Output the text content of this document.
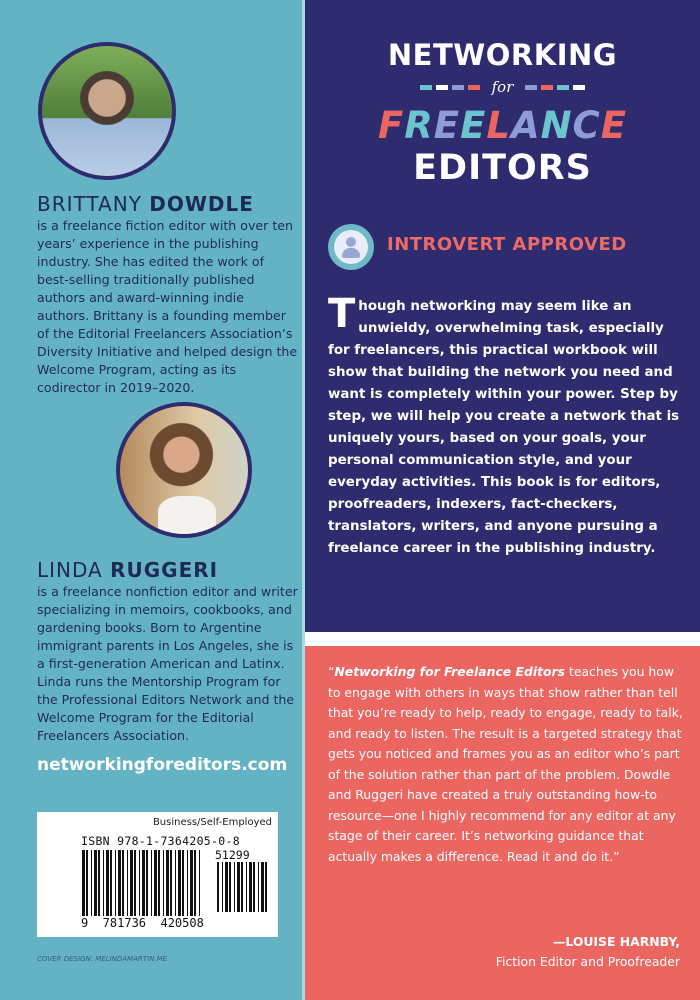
BRITTANY DOWDLE
is a freelance fiction editor with over ten years’ experience in the publishing industry. She has edited the work of best-selling traditionally published authors and award-winning indie authors. Brittany is a founding member of the Editorial Freelancers Association’s Diversity Initiative and helped design the Welcome Program, acting as its codirector in 2019–2020.
LINDA RUGGERI
is a freelance nonfiction editor and writer specializing in memoirs, cookbooks, and gardening books. Born to Argentine immigrant parents in Los Angeles, she is a first-generation American and Latinx. Linda runs the Mentorship Program for the Professional Editors Network and the Welcome Program for the Editorial Freelancers Association.
networkingforeditors.com
Business/Self-Employed
ISBN 978-1-7364205-0-8
51299
9  781736  420508
COVER DESIGN: MELINDAMARTIN.ME
NETWORKING
for
FREELANCE
EDITORS
INTROVERT APPROVED
Though networking may seem like an unwieldy, overwhelming task, especially for freelancers, this practical workbook will show that building the network you need and want is completely within your power. Step by step, we will help you create a network that is uniquely yours, based on your goals, your personal communication style, and your everyday activities. This book is for editors, proofreaders, indexers, fact-checkers, translators, writers, and anyone pursuing a freelance career in the publishing industry.
“Networking for Freelance Editors teaches you how to engage with others in ways that show rather than tell that you’re ready to help, ready to engage, ready to talk, and ready to listen. The result is a targeted strategy that gets you noticed and frames you as an editor who’s part of the solution rather than part of the problem. Dowdle and Ruggeri have created a truly outstanding how-to resource—one I highly recommend for any editor at any stage of their career. It’s networking guidance that actually makes a difference. Read it and do it.”
—LOUISE HARNBY,
Fiction Editor and Proofreader
